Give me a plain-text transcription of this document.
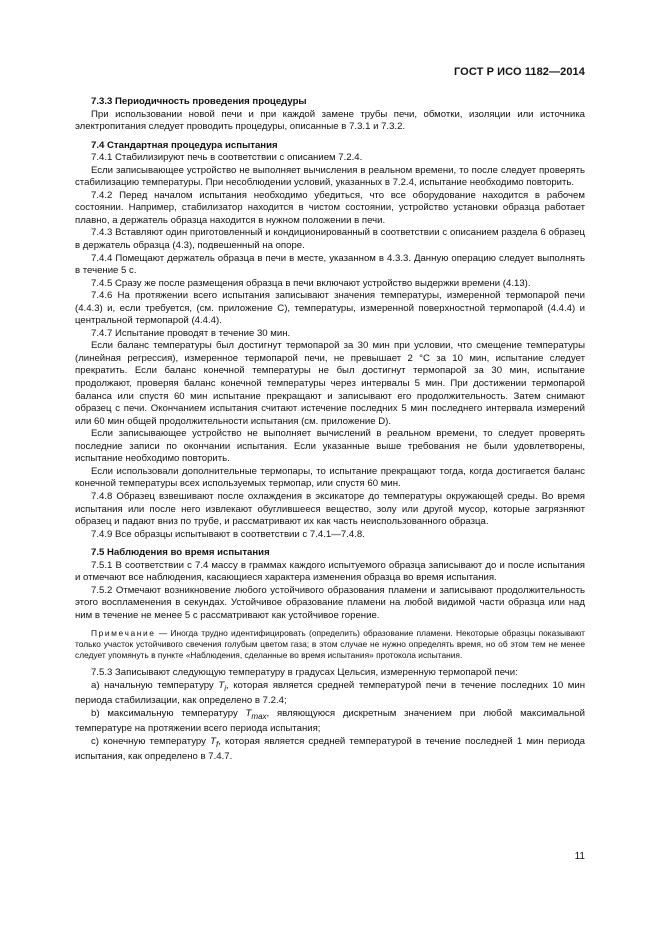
ГОСТ Р ИСО 1182—2014

7.3.3 Периодичность проведения процедуры

При использовании новой печи и при каждой замене трубы печи, обмотки, изоляции или источника электропитания следует проводить процедуры, описанные в 7.3.1 и 7.3.2.

7.4 Стандартная процедура испытания

7.4.1 Стабилизируют печь в соответствии с описанием 7.2.4.

Если записывающее устройство не выполняет вычисления в реальном времени, то после следует проверять стабилизацию температуры. При несоблюдении условий, указанных в 7.2.4, испытание необходимо повторить.

7.4.2 Перед началом испытания необходимо убедиться, что все оборудование находится в рабочем состоянии. Например, стабилизатор находится в чистом состоянии, устройство установки образца работает плавно, а держатель образца находится в нужном положении в печи.

7.4.3 Вставляют один приготовленный и кондиционированный в соответствии с описанием раздела 6 образец в держатель образца (4.3), подвешенный на опоре.

7.4.4 Помещают держатель образца в печи в месте, указанном в 4.3.3. Данную операцию следует выполнять в течение 5 с.

7.4.5 Сразу же после размещения образца в печи включают устройство выдержки времени (4.13).

7.4.6 На протяжении всего испытания записывают значения температуры, измеренной термопарой печи (4.4.3) и, если требуется, (см. приложение С), температуры, измеренной поверхностной термопарой (4.4.4) и центральной термопарой (4.4.4).

7.4.7 Испытание проводят в течение 30 мин.

Если баланс температуры был достигнут термопарой за 30 мин при условии, что смещение температуры (линейная регрессия), измеренное термопарой печи, не превышает 2 °С за 10 мин, испытание следует прекратить. Если баланс конечной температуры не был достигнут термопарой за 30 мин, испытание продолжают, проверяя баланс конечной температуры через интервалы 5 мин. При достижении термопарой баланса или спустя 60 мин испытание прекращают и записывают его продолжительность. Затем снимают образец с печи. Окончанием испытания считают истечение последних 5 мин последнего интервала измерений или 60 мин общей продолжительности испытания (см. приложение D).

Если записывающее устройство не выполняет вычислений в реальном времени, то следует проверять последние записи по окончании испытания. Если указанные выше требования не были удовлетворены, испытание необходимо повторить.

Если использовали дополнительные термопары, то испытание прекращают тогда, когда достигается баланс конечной температуры всех используемых термопар, или спустя 60 мин.

7.4.8 Образец взвешивают после охлаждения в эксикаторе до температуры окружающей среды. Во время испытания или после него извлекают обуглившееся вещество, золу или другой мусор, которые загрязняют образец и падают вниз по трубе, и рассматривают их как часть неиспользованного образца.

7.4.9 Все образцы испытывают в соответствии с 7.4.1—7.4.8.

7.5 Наблюдения во время испытания

7.5.1 В соответствии с 7.4 массу в граммах каждого испытуемого образца записывают до и после испытания и отмечают все наблюдения, касающиеся характера изменения образца во время испытания.

7.5.2 Отмечают возникновение любого устойчивого образования пламени и записывают продолжительность этого воспламенения в секундах. Устойчивое образование пламени на любой видимой части образца или над ним в течение не менее 5 с рассматривают как устойчивое горение.

Примечание — Иногда трудно идентифицировать (определить) образование пламени. Некоторые образцы показывают только участок устойчивого свечения голубым цветом газа; в этом случае не нужно определять время, но об этом тем не менее следует упомянуть в пункте «Наблюдения, сделанные во время испытания» протокола испытания.

7.5.3 Записывают следующую температуру в градусах Цельсия, измеренную термопарой печи:

a) начальную температуру $T_i$, которая является средней температурой печи в течение последних 10 мин периода стабилизации, как определено в 7.2.4;

b) максимальную температуру $T_{max}$, являющуюся дискретным значением при любой максимальной температуре на протяжении всего периода испытания;

c) конечную температуру $T_f$, которая является средней температурой в течение последней 1 мин периода испытания, как определено в 7.4.7.

11
